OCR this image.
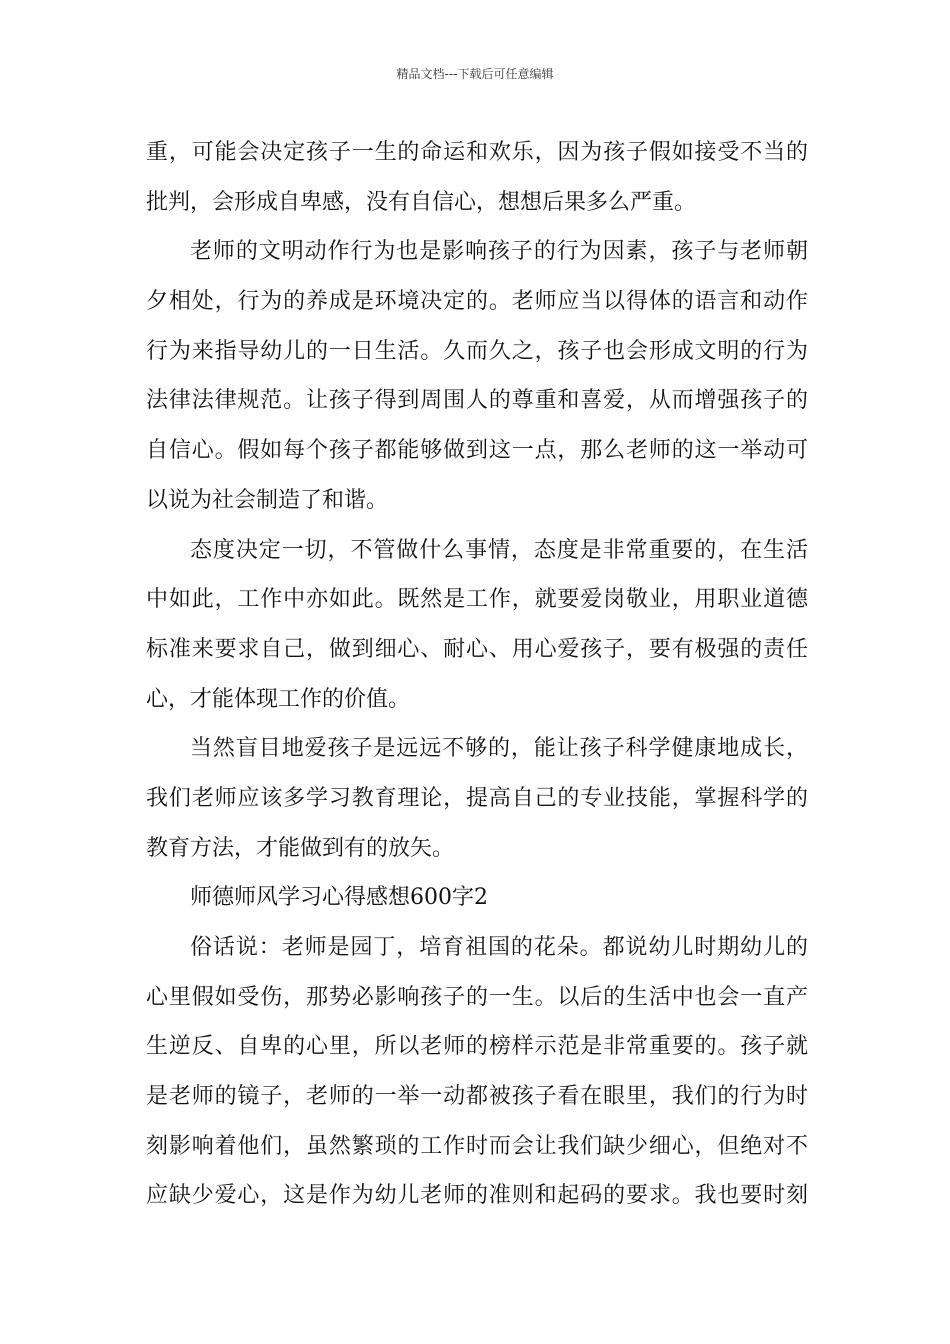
精品文档---下载后可任意编辑
重，可能会决定孩子一生的命运和欢乐，因为孩子假如接受不当的
批判，会形成自卑感，没有自信心，想想后果多么严重。
老师的文明动作行为也是影响孩子的行为因素，孩子与老师朝
夕相处，行为的养成是环境决定的。老师应当以得体的语言和动作
行为来指导幼儿的一日生活。久而久之，孩子也会形成文明的行为
法律法律规范。让孩子得到周围人的尊重和喜爱，从而增强孩子的
自信心。假如每个孩子都能够做到这一点，那么老师的这一举动可
以说为社会制造了和谐。
态度决定一切，不管做什么事情，态度是非常重要的，在生活
中如此，工作中亦如此。既然是工作，就要爱岗敬业，用职业道德
标准来要求自己，做到细心、耐心、用心爱孩子，要有极强的责任
心，才能体现工作的价值。
当然盲目地爱孩子是远远不够的，能让孩子科学健康地成长，
我们老师应该多学习教育理论，提高自己的专业技能，掌握科学的
教育方法，才能做到有的放矢。
师德师风学习心得感想600字2
俗话说：老师是园丁，培育祖国的花朵。都说幼儿时期幼儿的
心里假如受伤，那势必影响孩子的一生。以后的生活中也会一直产
生逆反、自卑的心里，所以老师的榜样示范是非常重要的。孩子就
是老师的镜子，老师的一举一动都被孩子看在眼里，我们的行为时
刻影响着他们，虽然繁琐的工作时而会让我们缺少细心，但绝对不
应缺少爱心，这是作为幼儿老师的准则和起码的要求。我也要时刻
